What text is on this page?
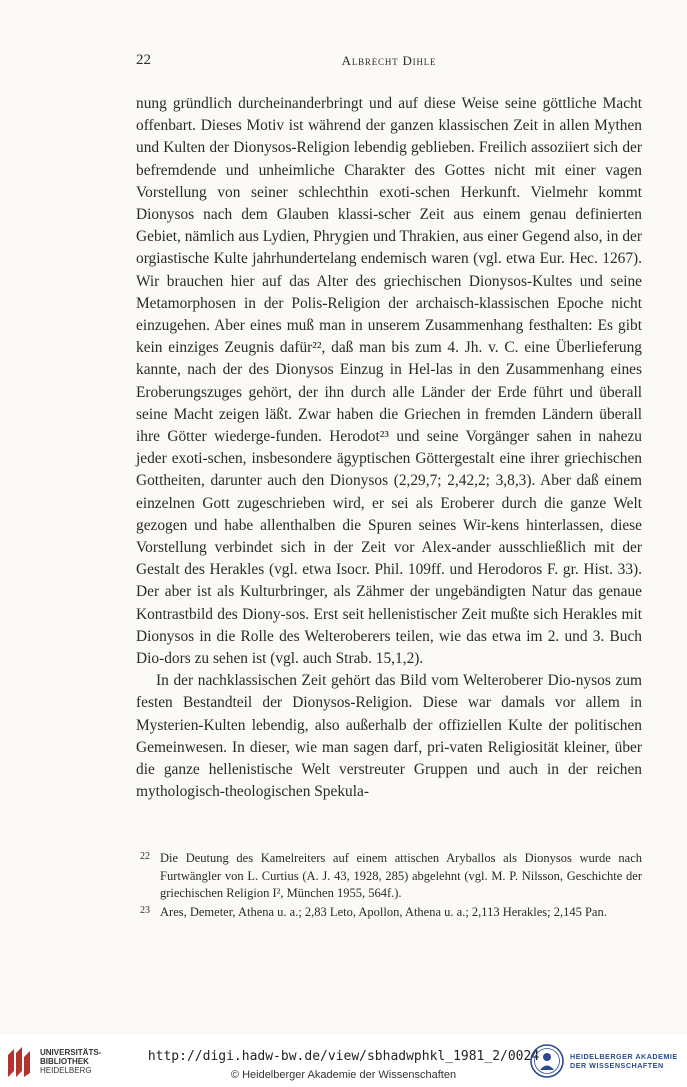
22	Albrecht Dihle

nung gründlich durcheinanderbringt und auf diese Weise seine göttliche Macht offenbart. Dieses Motiv ist während der ganzen klassischen Zeit in allen Mythen und Kulten der Dionysos-Religion lebendig geblieben. Freilich assoziiert sich der befremdende und unheimliche Charakter des Gottes nicht mit einer vagen Vorstellung von seiner schlechthin exoti-schen Herkunft. Vielmehr kommt Dionysos nach dem Glauben klassi-scher Zeit aus einem genau definierten Gebiet, nämlich aus Lydien, Phrygien und Thrakien, aus einer Gegend also, in der orgiastische Kulte jahrhundertelang endemisch waren (vgl. etwa Eur. Hec. 1267). Wir brauchen hier auf das Alter des griechischen Dionysos-Kultes und seine Metamorphosen in der Polis-Religion der archaisch-klassischen Epoche nicht einzugehen. Aber eines muß man in unserem Zusammenhang festhalten: Es gibt kein einziges Zeugnis dafür²², daß man bis zum 4. Jh. v. C. eine Überlieferung kannte, nach der des Dionysos Einzug in Hel-las in den Zusammenhang eines Eroberungszuges gehört, der ihn durch alle Länder der Erde führt und überall seine Macht zeigen läßt. Zwar haben die Griechen in fremden Ländern überall ihre Götter wiederge-funden. Herodot²³ und seine Vorgänger sahen in nahezu jeder exoti-schen, insbesondere ägyptischen Göttergestalt eine ihrer griechischen Gottheiten, darunter auch den Dionysos (2,29,7; 2,42,2; 3,8,3). Aber daß einem einzelnen Gott zugeschrieben wird, er sei als Eroberer durch die ganze Welt gezogen und habe allenthalben die Spuren seines Wir-kens hinterlassen, diese Vorstellung verbindet sich in der Zeit vor Alex-ander ausschließlich mit der Gestalt des Herakles (vgl. etwa Isocr. Phil. 109ff. und Herodoros F. gr. Hist. 33). Der aber ist als Kulturbringer, als Zähmer der ungebändigten Natur das genaue Kontrastbild des Diony-sos. Erst seit hellenistischer Zeit mußte sich Herakles mit Dionysos in die Rolle des Welteroberers teilen, wie das etwa im 2. und 3. Buch Dio-dors zu sehen ist (vgl. auch Strab. 15,1,2).

In der nachklassischen Zeit gehört das Bild vom Welteroberer Dio-nysos zum festen Bestandteil der Dionysos-Religion. Diese war damals vor allem in Mysterien-Kulten lebendig, also außerhalb der offiziellen Kulte der politischen Gemeinwesen. In dieser, wie man sagen darf, pri-vaten Religiosität kleiner, über die ganze hellenistische Welt verstreuter Gruppen und auch in der reichen mythologisch-theologischen Spekula-

22 Die Deutung des Kamelreiters auf einem attischen Aryballos als Dionysos wurde nach Furtwängler von L. Curtius (A. J. 43, 1928, 285) abgelehnt (vgl. M. P. Nilsson, Geschichte der griechischen Religion I², München 1955, 564f.).
23 Ares, Demeter, Athena u. a.; 2,83 Leto, Apollon, Athena u. a.; 2,113 Herakles; 2,145 Pan.
UNIVERSITÄTS-
BIBLIOTHEK
HEIDELBERG
http://digi.hadw-bw.de/view/sbhadwphkl_1981_2/0024
© Heidelberger Akademie der Wissenschaften
HEIDELBERGER AKADEMIE
DER WISSENSCHAFTEN
